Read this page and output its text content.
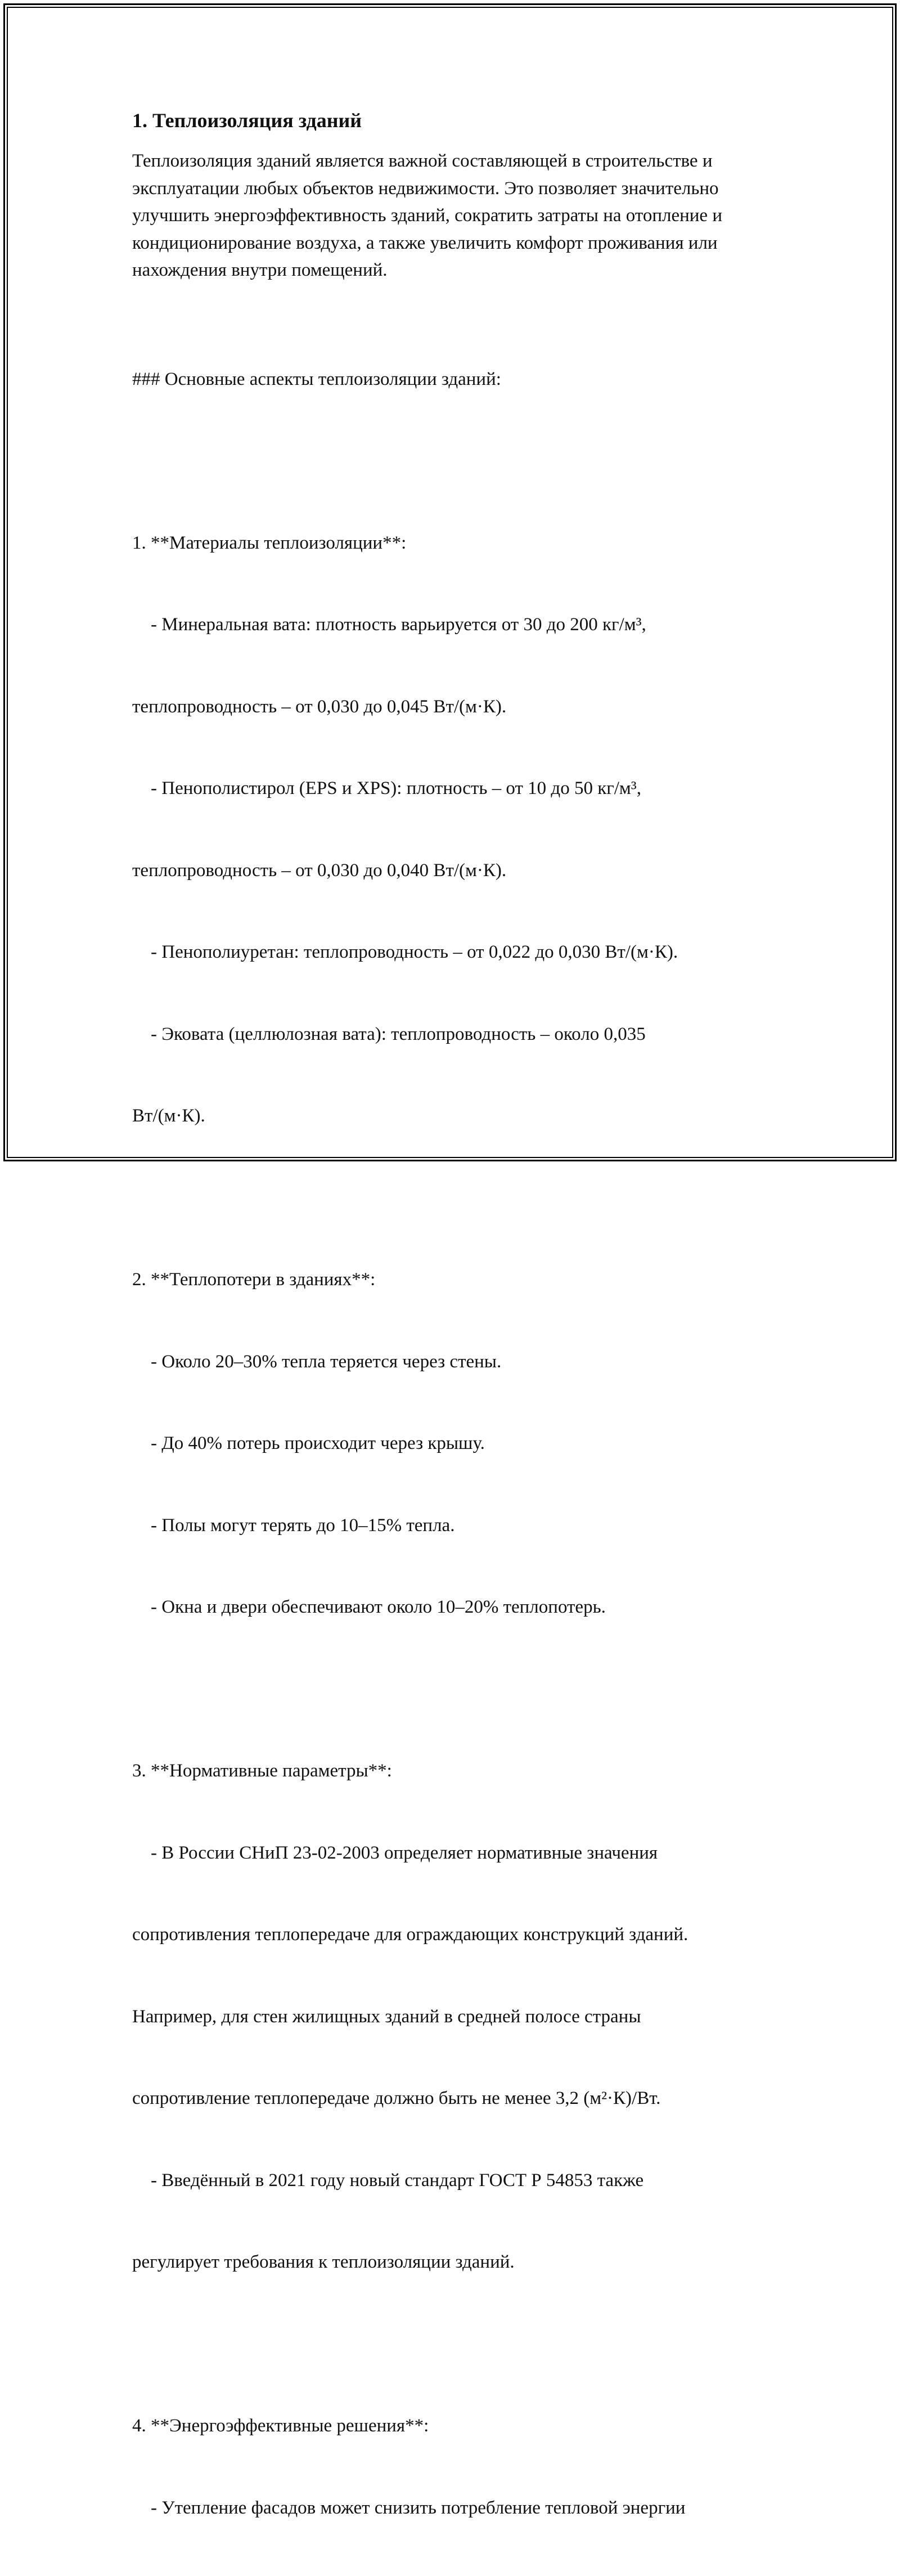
1. Теплоизоляция зданий

Теплоизоляция зданий является важной составляющей в строительстве и эксплуатации любых объектов недвижимости. Это позволяет значительно улучшить энергоэффективность зданий, сократить затраты на отопление и кондиционирование воздуха, а также увеличить комфорт проживания или нахождения внутри помещений.

### Основные аспекты теплоизоляции зданий:

1. **Материалы теплоизоляции**:

- Минеральная вата: плотность варьируется от 30 до 200 кг/м³,

теплопроводность – от 0,030 до 0,045 Вт/(м·К).

- Пенополистирол (EPS и XPS): плотность – от 10 до 50 кг/м³,

теплопроводность – от 0,030 до 0,040 Вт/(м·К).

- Пенополиуретан: теплопроводность – от 0,022 до 0,030 Вт/(м·К).

- Эковата (целлюлозная вата): теплопроводность – около 0,035

Вт/(м·К).

2. **Теплопотери в зданиях**:

- Около 20–30% тепла теряется через стены.

- До 40% потерь происходит через крышу.

- Полы могут терять до 10–15% тепла.

- Окна и двери обеспечивают около 10–20% теплопотерь.

3. **Нормативные параметры**:

- В России СНиП 23-02-2003 определяет нормативные значения

сопротивления теплопередаче для ограждающих конструкций зданий.

Например, для стен жилищных зданий в средней полосе страны

сопротивление теплопередаче должно быть не менее 3,2 (м²·К)/Вт.

- Введённый в 2021 году новый стандарт ГОСТ Р 54853 также

регулирует требования к теплоизоляции зданий.

4. **Энергоэффективные решения**:

- Утепление фасадов может снизить потребление тепловой энергии
